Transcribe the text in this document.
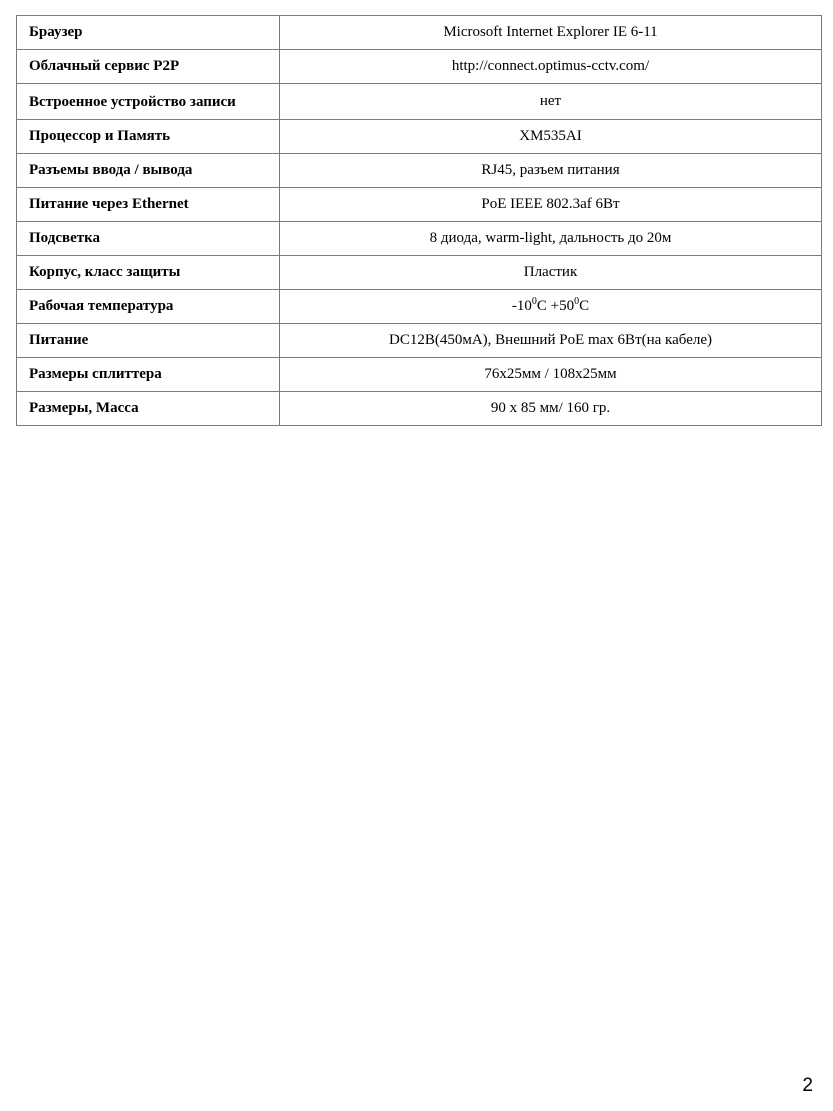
Браузер	Microsoft Internet Explorer IE 6-11
Облачный сервис P2P	http://connect.optimus-cctv.com/
Встроенное устройство записи	нет
Процессор и Память	XM535AI
Разъемы ввода / вывода	RJ45, разъем питания
Питание через Ethernet	PoE IEEE 802.3af 6Вт
Подсветка	8 диода, warm-light, дальность до 20м
Корпус, класс защиты	Пластик
Рабочая температура	$-10^0C +50^0C$
Питание	DC12В(450мА), Внешний PoE max 6Вт(на кабеле)
Размеры сплиттера	76x25мм / 108x25мм
Размеры, Масса	90 x 85 мм/ 160 гр.
2
